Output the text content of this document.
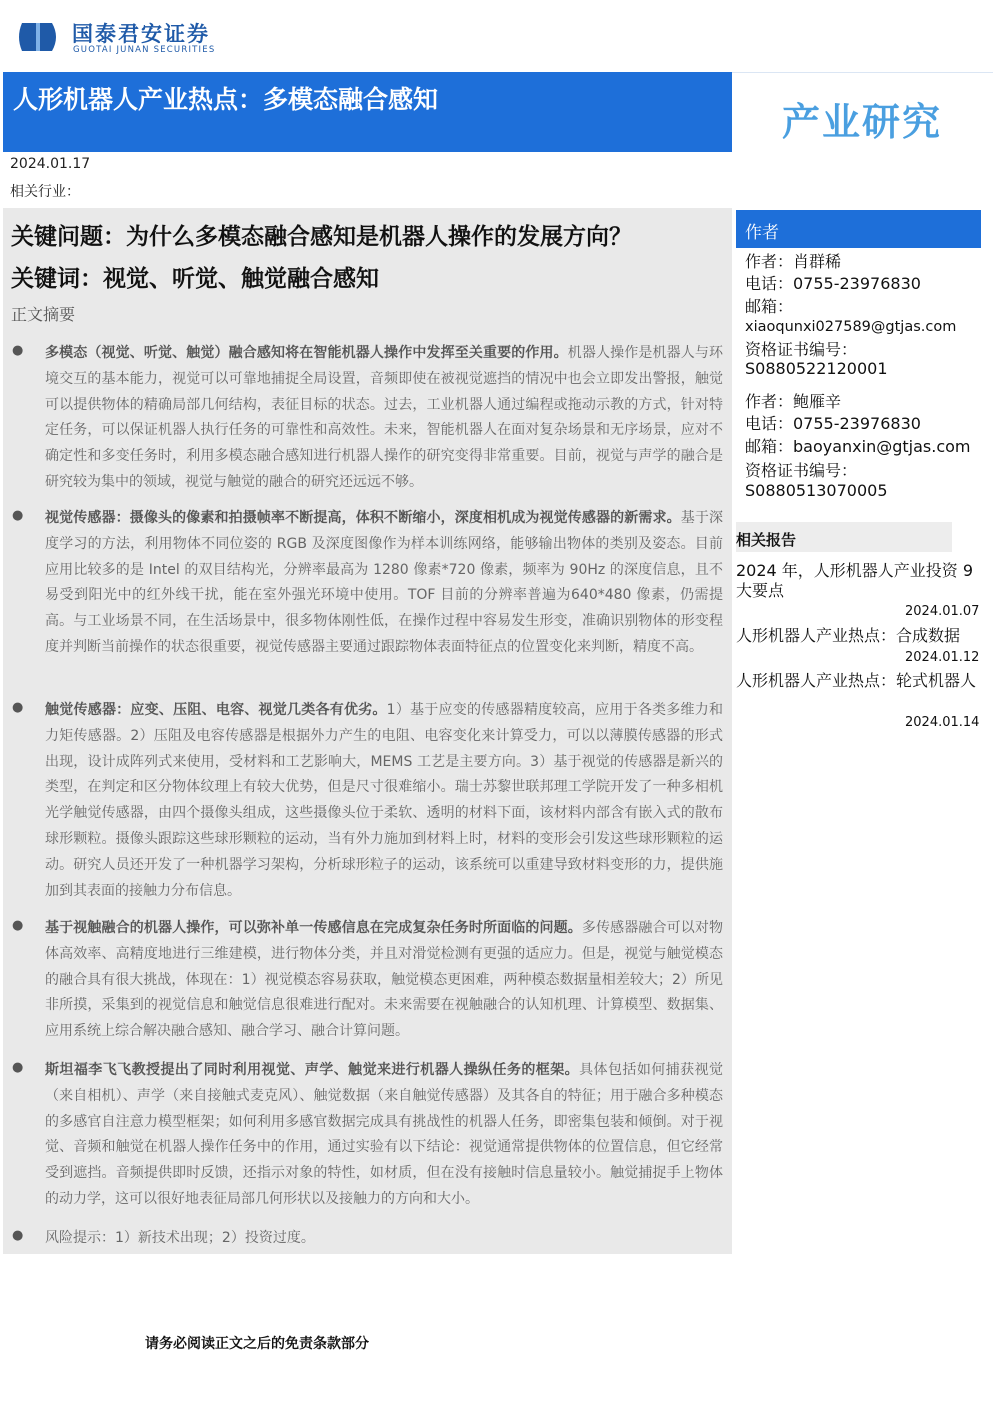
国泰君安证券
GUOTAI JUNAN SECURITIES
人形机器人产业热点：多模态融合感知
产业研究
2024.01.17
相关行业：
关键问题：为什么多模态融合感知是机器人操作的发展方向？
关键词：视觉、听觉、触觉融合感知
正文摘要
● 多模态（视觉、听觉、触觉）融合感知将在智能机器人操作中发挥至关重要的作用。机器人操作是机器人与环境交互的基本能力，视觉可以可靠地捕捉全局设置，音频即使在被视觉遮挡的情况中也会立即发出警报，触觉可以提供物体的精确局部几何结构，表征目标的状态。过去，工业机器人通过编程或拖动示教的方式，针对特定任务，可以保证机器人执行任务的可靠性和高效性。未来，智能机器人在面对复杂场景和无序场景，应对不确定性和多变任务时，利用多模态融合感知进行机器人操作的研究变得非常重要。目前，视觉与声学的融合是研究较为集中的领域，视觉与触觉的融合的研究还远远不够。
● 视觉传感器：摄像头的像素和拍摄帧率不断提高，体积不断缩小，深度相机成为视觉传感器的新需求。基于深度学习的方法，利用物体不同位姿的 RGB 及深度图像作为样本训练网络，能够输出物体的类别及姿态。目前应用比较多的是 Intel 的双目结构光，分辨率最高为 1280 像素*720 像素，频率为 90Hz 的深度信息，且不易受到阳光中的红外线干扰，能在室外强光环境中使用。TOF 目前的分辨率普遍为640*480 像素，仍需提高。与工业场景不同，在生活场景中，很多物体刚性低，在操作过程中容易发生形变，准确识别物体的形变程度并判断当前操作的状态很重要，视觉传感器主要通过跟踪物体表面特征点的位置变化来判断，精度不高。
● 触觉传感器：应变、压阻、电容、视觉几类各有优劣。1）基于应变的传感器精度较高，应用于各类多维力和力矩传感器。2）压阻及电容传感器是根据外力产生的电阻、电容变化来计算受力，可以以薄膜传感器的形式出现，设计成阵列式来使用，受材料和工艺影响大，MEMS 工艺是主要方向。3）基于视觉的传感器是新兴的类型，在判定和区分物体纹理上有较大优势，但是尺寸很难缩小。瑞士苏黎世联邦理工学院开发了一种多相机光学触觉传感器，由四个摄像头组成，这些摄像头位于柔软、透明的材料下面，该材料内部含有嵌入式的散布球形颗粒。摄像头跟踪这些球形颗粒的运动，当有外力施加到材料上时，材料的变形会引发这些球形颗粒的运动。研究人员还开发了一种机器学习架构，分析球形粒子的运动，该系统可以重建导致材料变形的力，提供施加到其表面的接触力分布信息。
● 基于视触融合的机器人操作，可以弥补单一传感信息在完成复杂任务时所面临的问题。多传感器融合可以对物体高效率、高精度地进行三维建模，进行物体分类，并且对滑觉检测有更强的适应力。但是，视觉与触觉模态的融合具有很大挑战，体现在：1）视觉模态容易获取，触觉模态更困难，两种模态数据量相差较大；2）所见非所摸，采集到的视觉信息和触觉信息很难进行配对。未来需要在视触融合的认知机理、计算模型、数据集、应用系统上综合解决融合感知、融合学习、融合计算问题。
● 斯坦福李飞飞教授提出了同时利用视觉、声学、触觉来进行机器人操纵任务的框架。具体包括如何捕获视觉（来自相机）、声学（来自接触式麦克风）、触觉数据（来自触觉传感器）及其各自的特征；用于融合多种模态的多感官自注意力模型框架；如何利用多感官数据完成具有挑战性的机器人任务，即密集包装和倾倒。对于视觉、音频和触觉在机器人操作任务中的作用，通过实验有以下结论：视觉通常提供物体的位置信息，但它经常受到遮挡。音频提供即时反馈，还指示对象的特性，如材质，但在没有接触时信息量较小。触觉捕捉手上物体的动力学，这可以很好地表征局部几何形状以及接触力的方向和大小。
● 风险提示：1）新技术出现；2）投资过度。
作者
作者：肖群稀
电话：0755-23976830
邮箱：
xiaoqunxi027589@gtjas.com
资格证书编号：
S0880522120001
作者：鲍雁辛
电话：0755-23976830
邮箱：baoyanxin@gtjas.com
资格证书编号：
S0880513070005
相关报告
2024 年，人形机器人产业投资 9 大要点
2024.01.07
人形机器人产业热点：合成数据
2024.01.12
人形机器人产业热点：轮式机器人
2024.01.14
请务必阅读正文之后的免责条款部分
